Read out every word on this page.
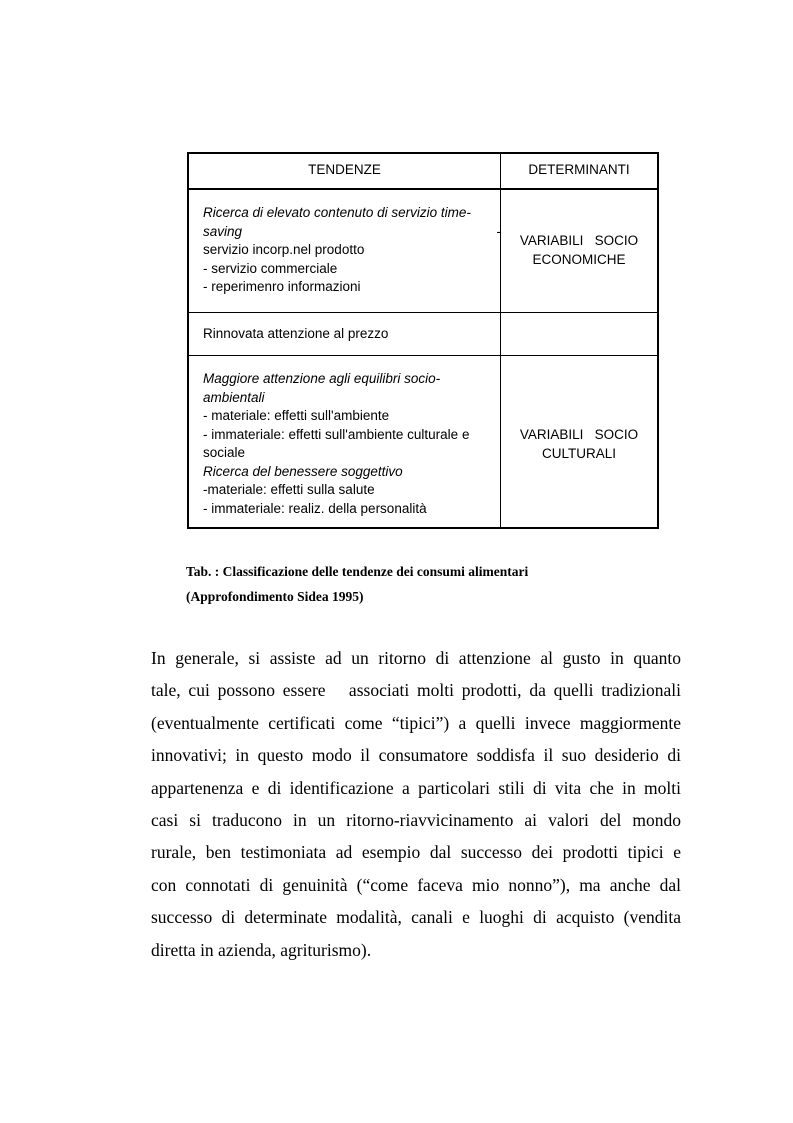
TENDENZE	DETERMINANTI
Ricerca di elevato contenuto di servizio time-
saving	-
servizio incorp.nel prodotto
- servizio commerciale
- reperimenro informazioni
VARIABILI   SOCIO
ECONOMICHE
Rinnovata attenzione al prezzo
Maggiore attenzione agli equilibri socio-
ambientali
- materiale: effetti sull'ambiente
- immateriale: effetti sull'ambiente culturale e
sociale
Ricerca del benessere soggettivo
-materiale: effetti sulla salute
- immateriale: realiz. della personalità
VARIABILI   SOCIO
CULTURALI
Tab. : Classificazione delle tendenze dei consumi alimentari
(Approfondimento Sidea 1995)
In generale, si assiste ad un ritorno di attenzione al gusto in quanto
tale, cui possono essere   associati molti prodotti, da quelli tradizionali
(eventualmente certificati come “tipici”) a quelli invece maggiormente
innovativi; in questo modo il consumatore soddisfa il suo desiderio di
appartenenza e di identificazione a particolari stili di vita che in molti
casi si traducono in un ritorno-riavvicinamento ai valori del mondo
rurale, ben testimoniata ad esempio dal successo dei prodotti tipici e
con connotati di genuinità (“come faceva mio nonno”), ma anche dal
successo di determinate modalità, canali e luoghi di acquisto (vendita
diretta in azienda, agriturismo).
